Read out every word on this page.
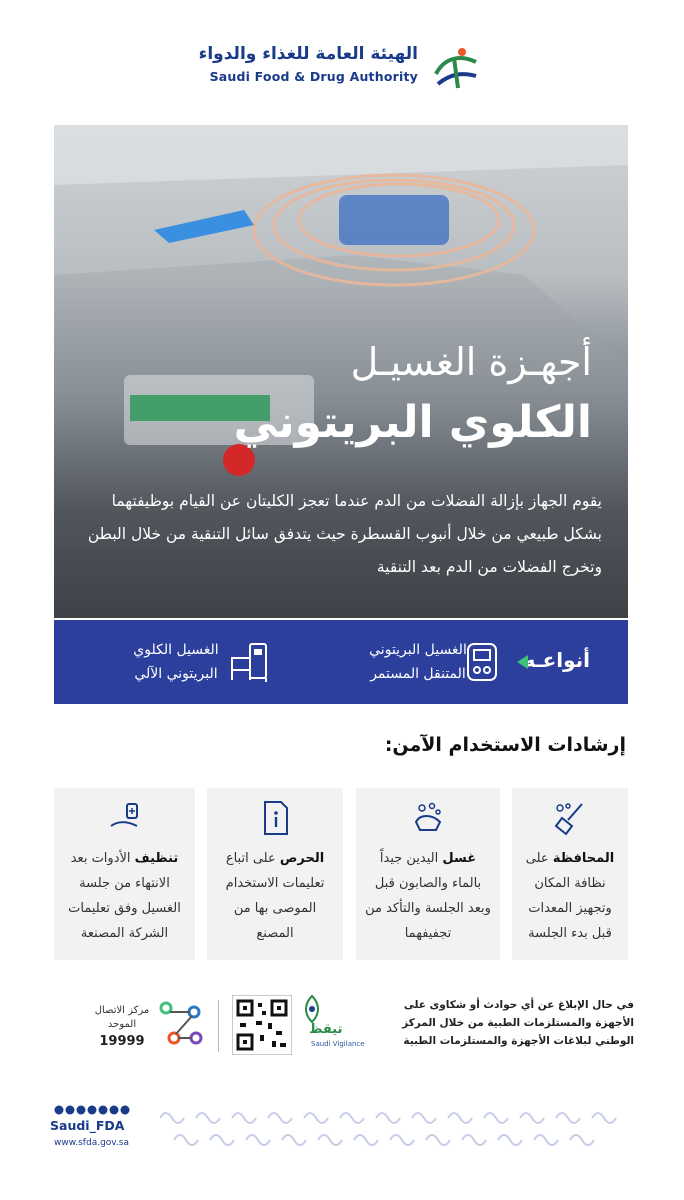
الهيئة العامة للغذاء والدواء
Saudi Food & Drug Authority
أجهـزة الغسيـل
الكلوي البريتوني
يقوم الجهاز بإزالة الفضلات من الدم عندما تعجز الكليتان عن القيام بوظيفتهما بشكل طبيعي من خلال أنبوب القسطرة حيث يتدفق سائل التنقية من خلال البطن وتخرج الفضلات من الدم بعد التنقية
أنواعـه
الغسيل البريتوني
المتنقل المستمر
الغسيل الكلوي
البريتوني الآلي
إرشادات الاستخدام الآمن:
المحافظة على نظافة المكان وتجهيز المعدات قبل بدء الجلسة
غسل اليدين جيداً بالماء والصابون قبل وبعد الجلسة والتأكد من تجفيفهما
الحرص على اتباع تعليمات الاستخدام الموصى بها من المصنع
تنظيف الأدوات بعد الانتهاء من جلسة الغسيل وفق تعليمات الشركة المصنعة
في حال الإبلاغ عن أي حوادث أو شكاوى على الأجهزة والمستلزمات الطبية من خلال المركز الوطني لبلاغات الأجهزة والمستلزمات الطبية
تيقظ
Saudi Vigilance
مركز الاتصال الموحد
19999
Saudi_FDA
www.sfda.gov.sa
